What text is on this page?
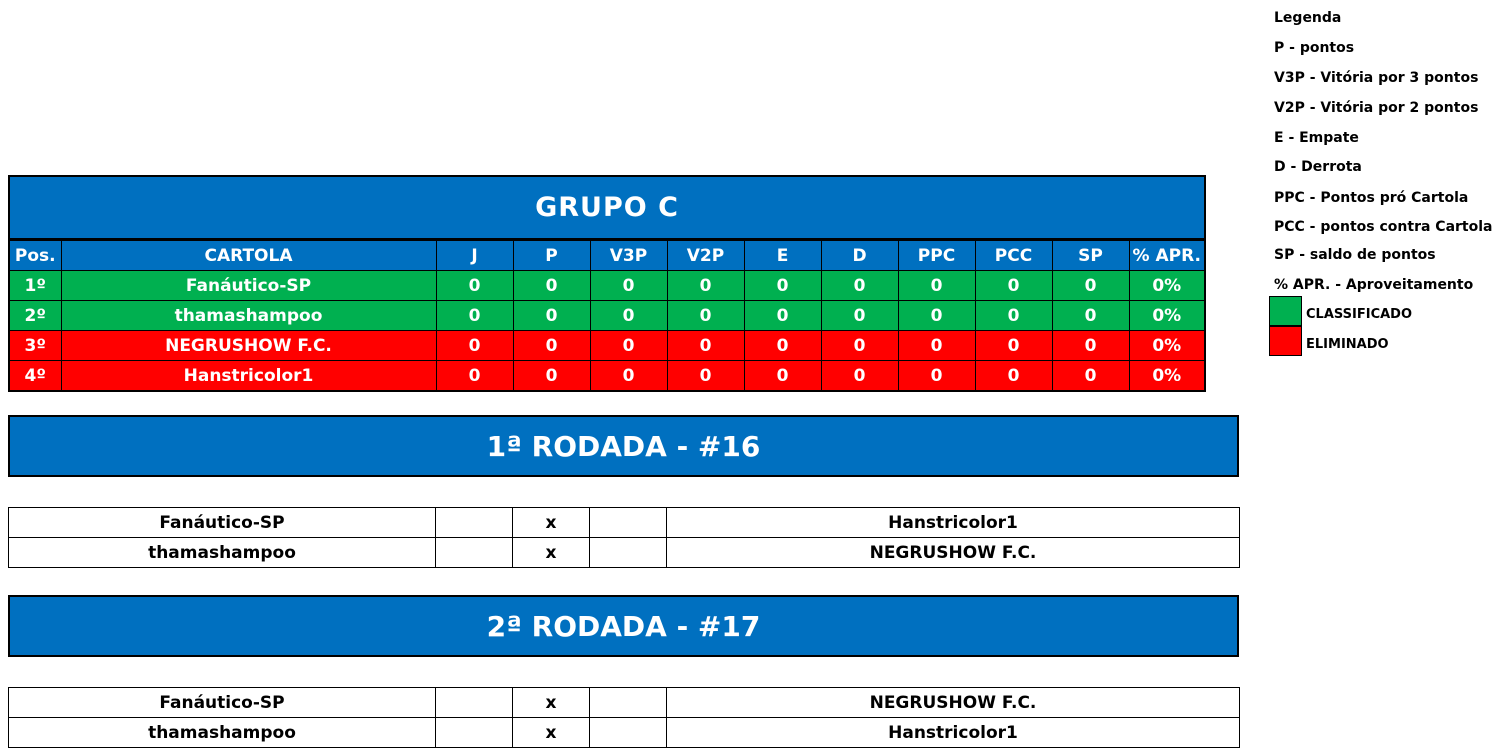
GRUPO C
Pos.	CARTOLA	J	P	V3P	V2P	E	D	PPC	PCC	SP	% APR.
1º	Fanáutico-SP	0	0	0	0	0	0	0	0	0	0%
2º	thamashampoo	0	0	0	0	0	0	0	0	0	0%
3º	NEGRUSHOW F.C.	0	0	0	0	0	0	0	0	0	0%
4º	Hanstricolor1	0	0	0	0	0	0	0	0	0	0%
1ª RODADA - #16
Fanáutico-SP		x		Hanstricolor1
thamashampoo		x		NEGRUSHOW F.C.
2ª RODADA - #17
Fanáutico-SP		x		NEGRUSHOW F.C.
thamashampoo		x		Hanstricolor1
Legenda
P - pontos
V3P - Vitória por 3 pontos
V2P - Vitória por 2 pontos
E - Empate
D - Derrota
PPC - Pontos pró Cartola
PCC - pontos contra Cartola
SP - saldo de pontos
% APR. - Aproveitamento
CLASSIFICADO
ELIMINADO
